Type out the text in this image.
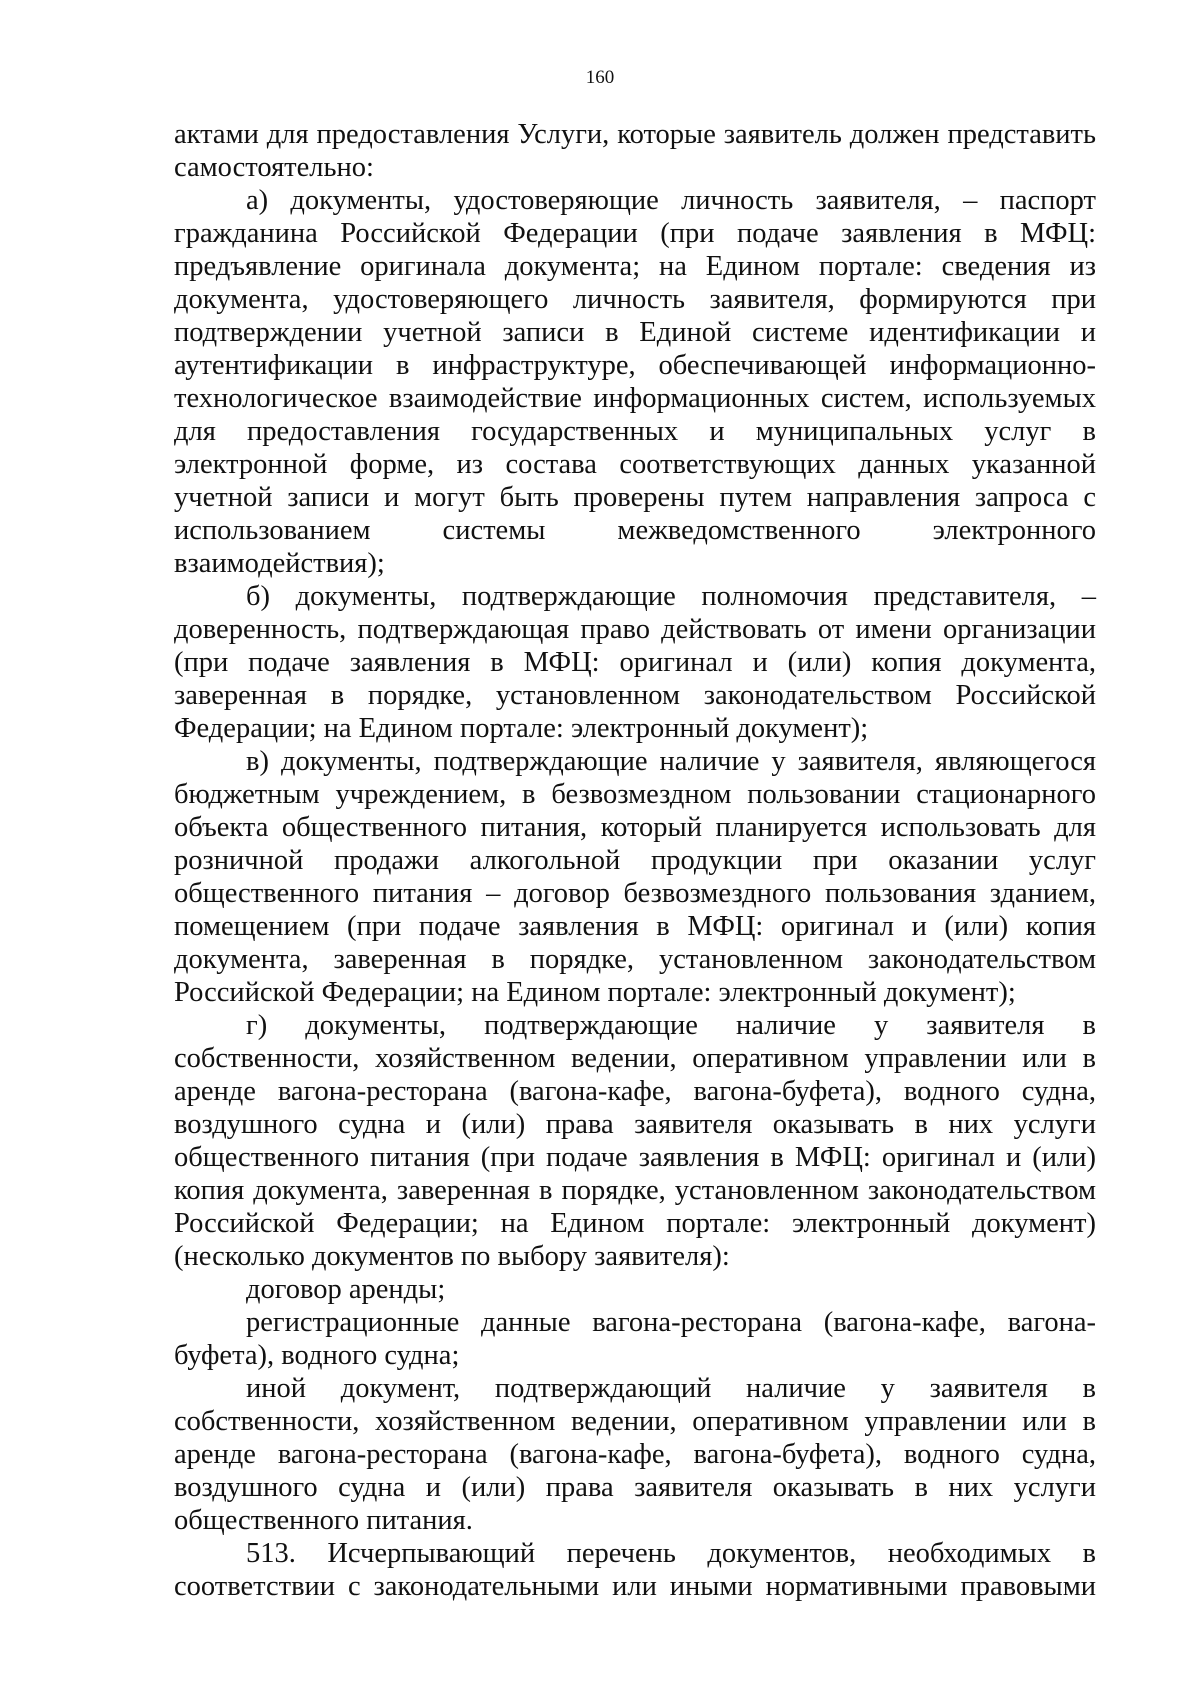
160

актами для предоставления Услуги, которые заявитель должен представить самостоятельно:

а) документы, удостоверяющие личность заявителя, – паспорт гражданина Российской Федерации (при подаче заявления в МФЦ: предъявление оригинала документа; на Едином портале: сведения из документа, удостоверяющего личность заявителя, формируются при подтверждении учетной записи в Единой системе идентификации и аутентификации в инфраструктуре, обеспечивающей информационно-технологическое взаимодействие информационных систем, используемых для предоставления государственных и муниципальных услуг в электронной форме, из состава соответствующих данных указанной учетной записи и могут быть проверены путем направления запроса с использованием системы межведомственного электронного взаимодействия);

б) документы, подтверждающие полномочия представителя, – доверенность, подтверждающая право действовать от имени организации (при подаче заявления в МФЦ: оригинал и (или) копия документа, заверенная в порядке, установленном законодательством Российской Федерации; на Едином портале: электронный документ);

в) документы, подтверждающие наличие у заявителя, являющегося бюджетным учреждением, в безвозмездном пользовании стационарного объекта общественного питания, который планируется использовать для розничной продажи алкогольной продукции при оказании услуг общественного питания – договор безвозмездного пользования зданием, помещением (при подаче заявления в МФЦ: оригинал и (или) копия документа, заверенная в порядке, установленном законодательством Российской Федерации; на Едином портале: электронный документ);

г) документы, подтверждающие наличие у заявителя в собственности, хозяйственном ведении, оперативном управлении или в аренде вагона-ресторана (вагона-кафе, вагона-буфета), водного судна, воздушного судна и (или) права заявителя оказывать в них услуги общественного питания (при подаче заявления в МФЦ: оригинал и (или) копия документа, заверенная в порядке, установленном законодательством Российской Федерации; на Едином портале: электронный документ) (несколько документов по выбору заявителя):

договор аренды;

регистрационные данные вагона-ресторана (вагона-кафе, вагона-буфета), водного судна;

иной документ, подтверждающий наличие у заявителя в собственности, хозяйственном ведении, оперативном управлении или в аренде вагона-ресторана (вагона-кафе, вагона-буфета), водного судна, воздушного судна и (или) права заявителя оказывать в них услуги общественного питания.

513. Исчерпывающий перечень документов, необходимых в соответствии с законодательными или иными нормативными правовыми
